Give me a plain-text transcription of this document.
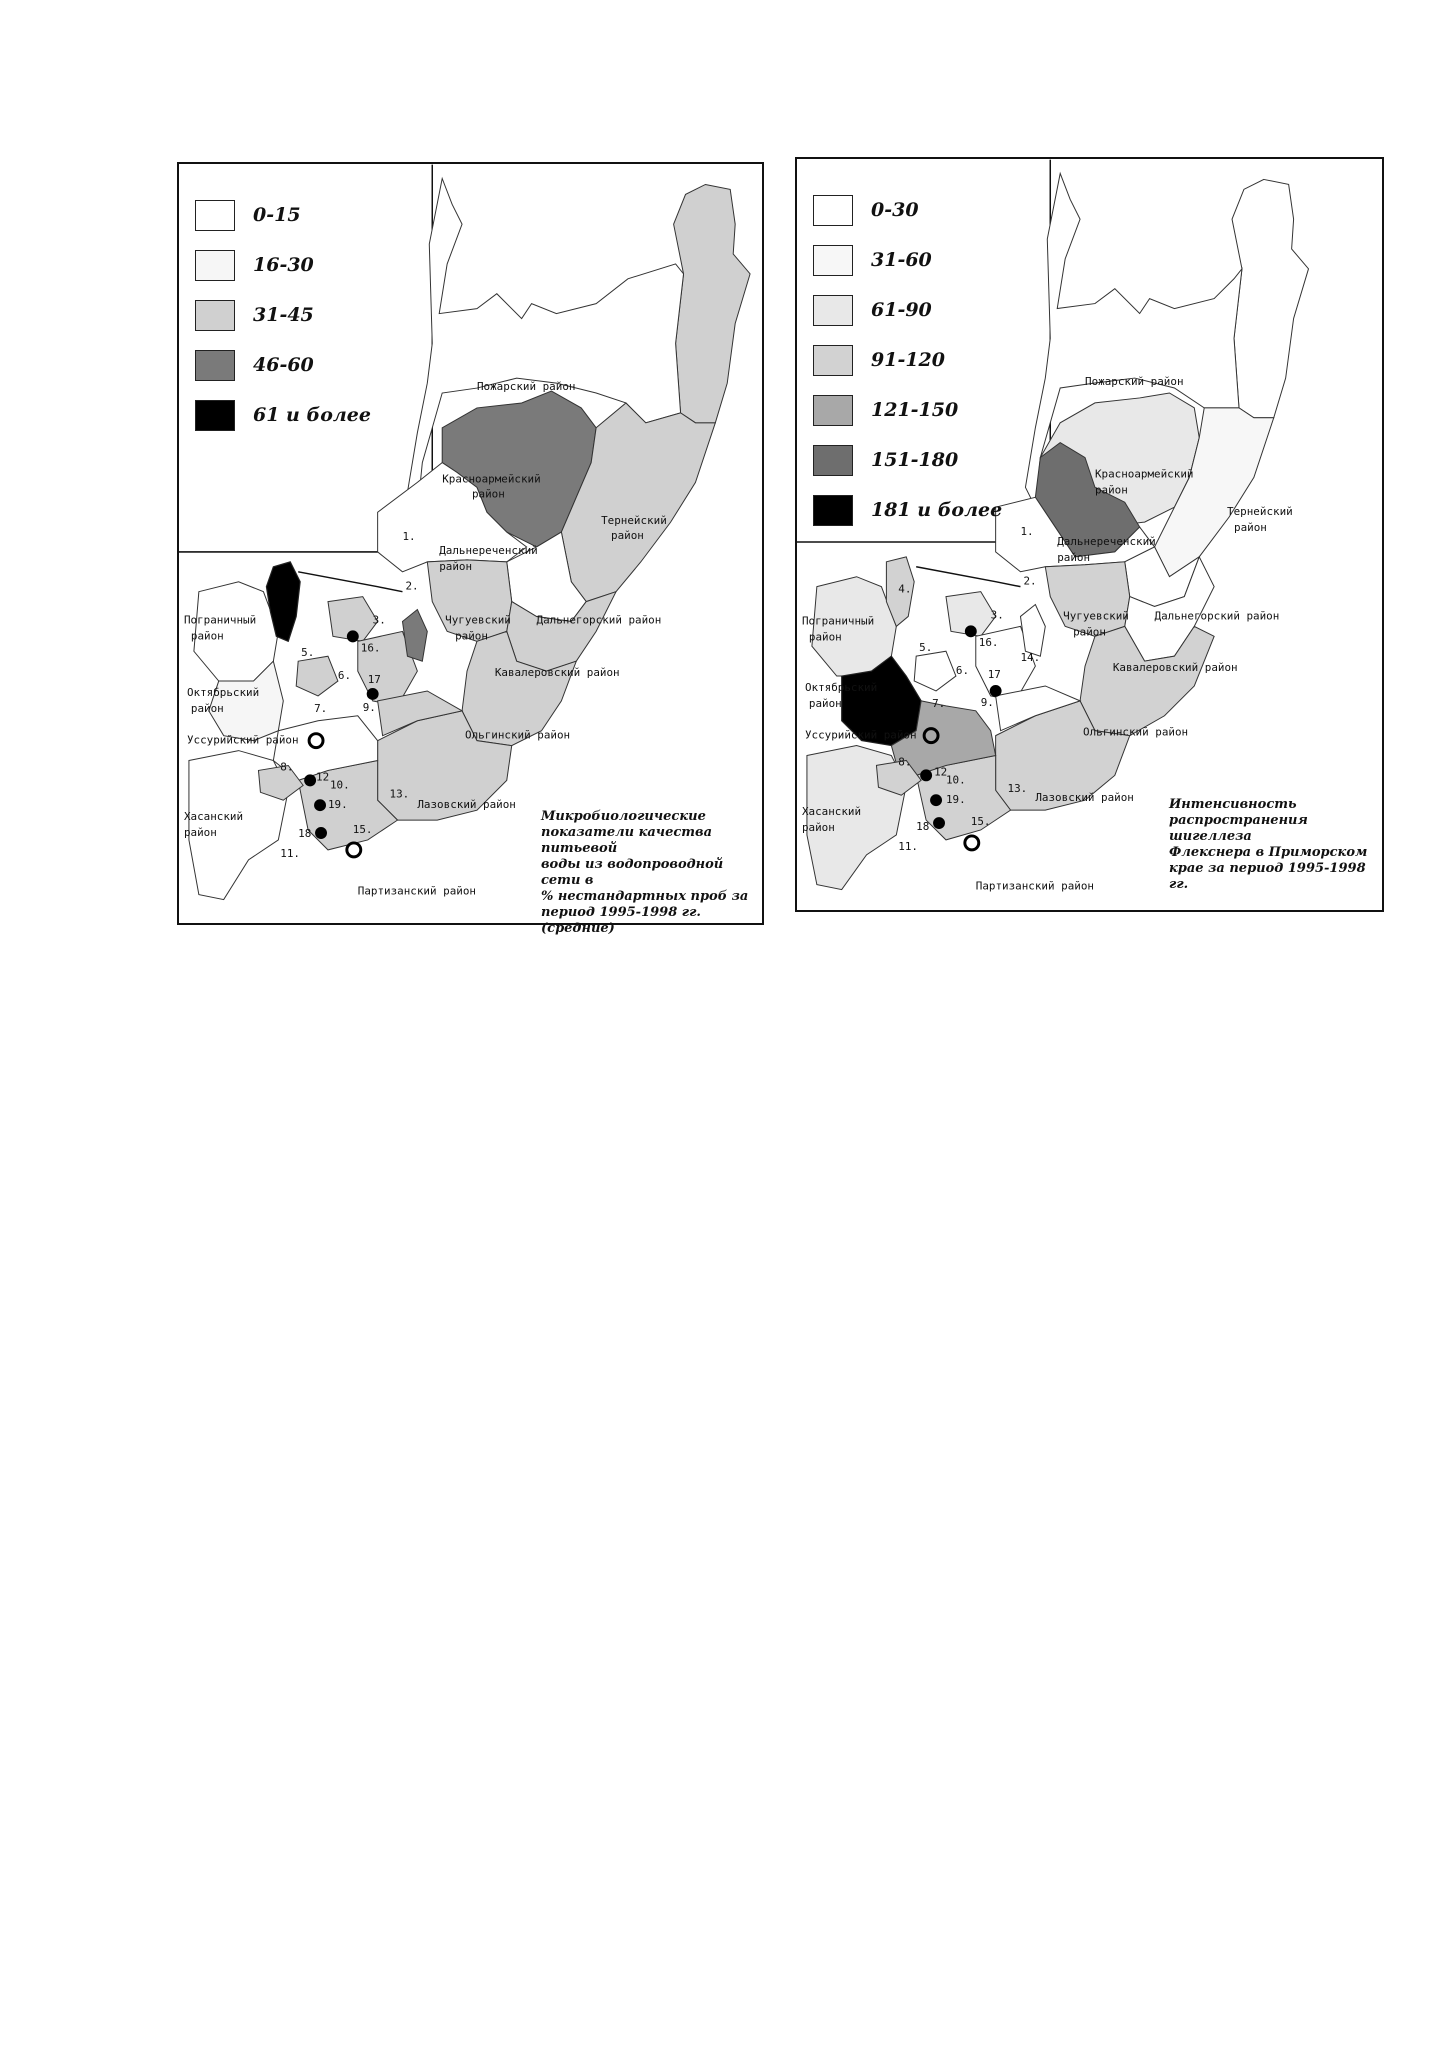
Пожарский район
Красноармейский
район
Тернейский
район
Дальнереченский
район
Пограничный
район
Чугуевский
район
Дальнегорский район
Кавалеровский район
Октябрьский
район
Уссурийский район	Ольгинский район
Хасанский
район
Лазовский район
Партизанский район
1.
2.
3.
16.
5.
6. 17
9.
7.
8.
12
10.
19.
13.
18	15.
11.
0-15
16-30
31-45
46-60
61 и более
Микробиологические
показатели качества питьевой
воды из водопроводной сети в
% нестандартных проб за
период 1995-1998 гг. (средние)
Пожарский район
Красноармейский
район
Тернейский
район
Дальнереченский
район
Пограничный
район
Чугуевский
район
Дальнегорский район
Кавалеровский район
Октябрьский
район
Уссурийский район	Ольгинский район
Хасанский
район
Лазовский район
Партизанский район
1.
2.
4.
3.
16.
5.
14.
6. 17
9.
7.
8.
12
10.
19.
13.
18	15.
11.
0-30
31-60
61-90
91-120
121-150
151-180
181 и более
Интенсивность
распространения шигеллеза
Флекснера в Приморском
крае за период 1995-1998 гг.
